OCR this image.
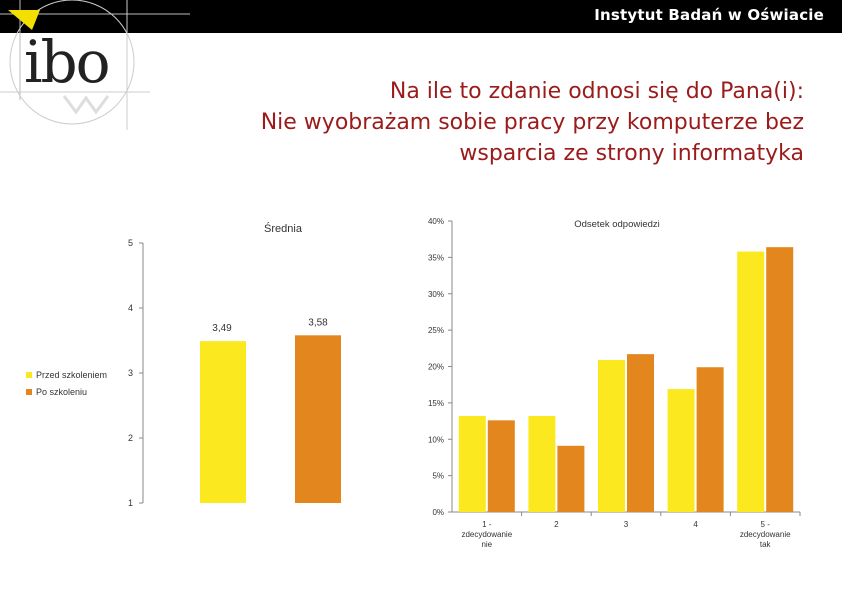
Instytut Badań w Oświacie
ibo	Na ile to zdanie odnosi się do Pana(i):
Nie wyobrażam sobie pracy przy komputerze bez
wsparcia ze strony informatyka
Przed szkoleniem
Po szkoleniu
1
2
3
4
5
Średnia
3,49
3,58
0%
5%
10%
15%
20%
25%
30%
35%
40%	Odsetek odpowiedzi
1 -
zdecydowanie
nie
2	3	4	5 -
zdecydowanie
tak
